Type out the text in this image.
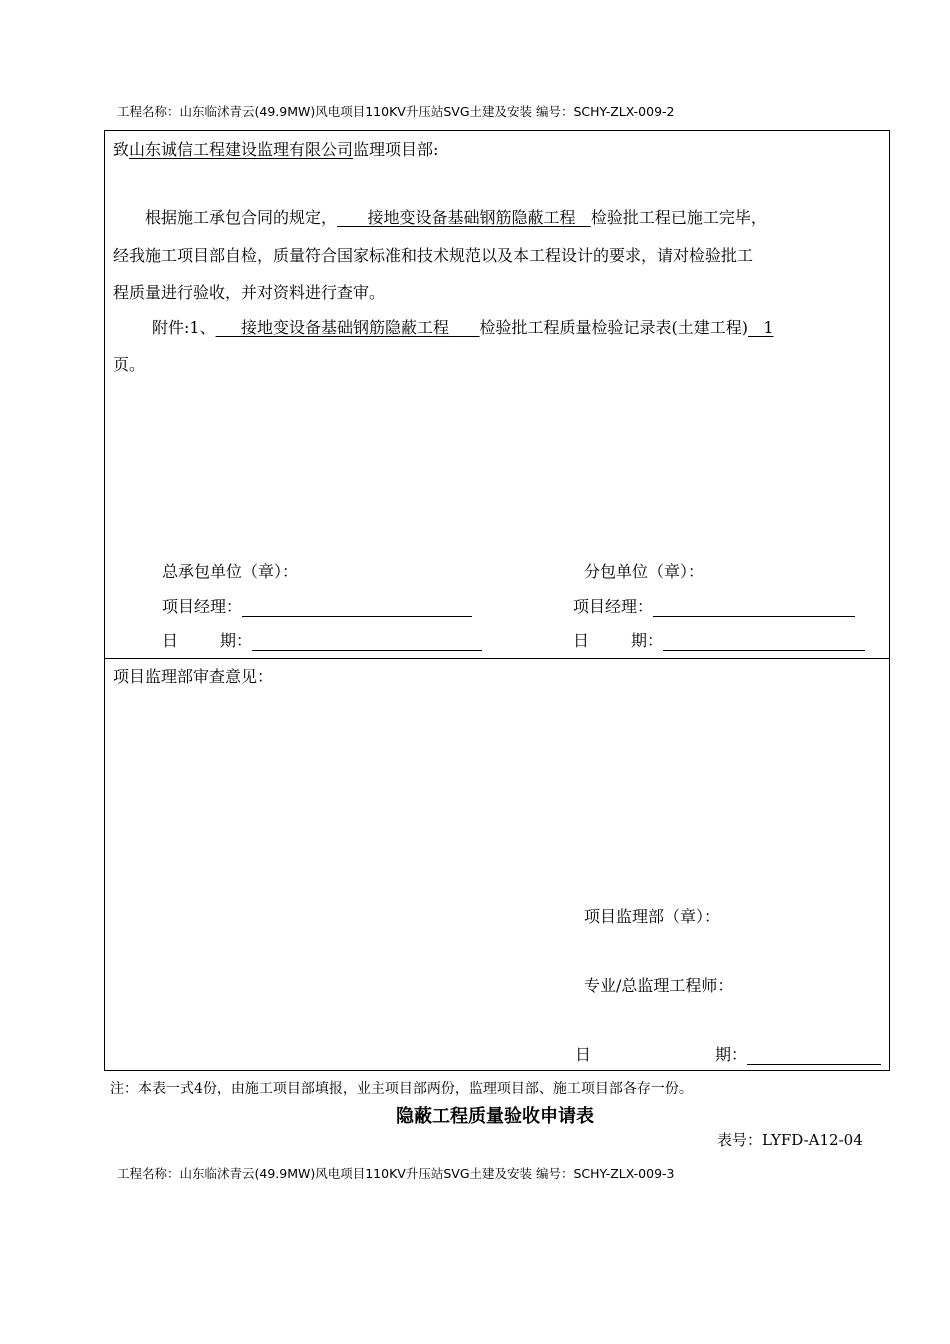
工程名称：山东临沭青云(49.9MW)风电项目110KV升压站SVG土建及安装 编号：SCHY-ZLX-009-2
致山东诚信工程建设监理有限公司监理项目部:
根据施工承包合同的规定， 接地变设备基础钢筋隐蔽工程 检验批工程已施工完毕，
经我施工项目部自检，质量符合国家标准和技术规范以及本工程设计的要求，请对检验批工
程质量进行验收，并对资料进行查审。
附件:1、 接地变设备基础钢筋隐蔽工程 检验批工程质量检验记录表(土建工程) 1
页。
总承包单位（章）：
项目经理：
日	期：
分包单位（章）：
项目经理：
日	期：
项目监理部审查意见：
项目监理部（章）：
专业/总监理工程师：
日	期：
注：本表一式4份，由施工项目部填报，业主项目部两份，监理项目部、施工项目部各存一份。
隐蔽工程质量验收申请表
表号：LYFD-A12-04
工程名称：山东临沭青云(49.9MW)风电项目110KV升压站SVG土建及安装 编号：SCHY-ZLX-009-3
